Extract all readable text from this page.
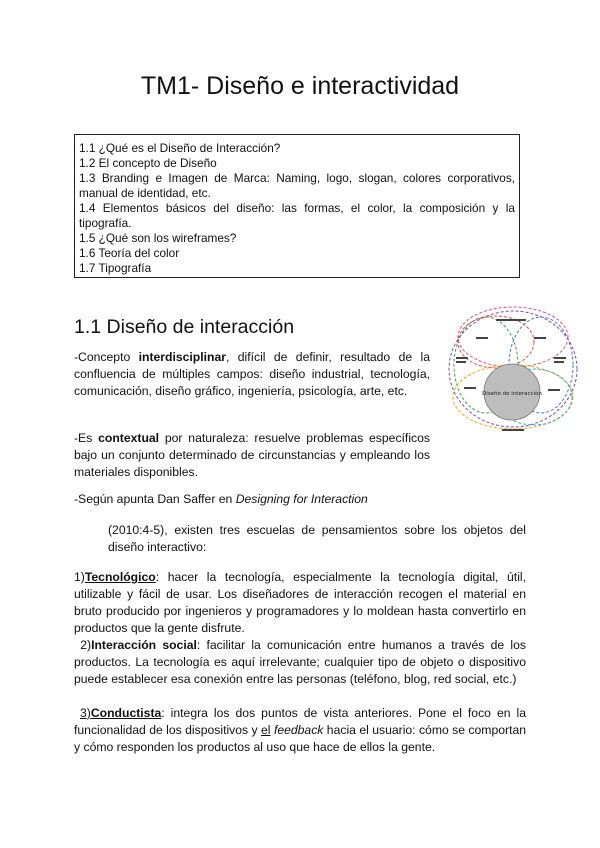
TM1- Diseño e interactividad
1.1 ¿Qué es el Diseño de Interacción?
1.2 El concepto de Diseño
1.3 Branding e Imagen de Marca: Naming, logo, slogan, colores corporativos, manual de identidad, etc.
1.4 Elementos básicos del diseño: las formas, el color, la composición y la tipografía.
1.5 ¿Qué son los wireframes?
1.6 Teoría del color
1.7 Tipografía
1.1 Diseño de interacción
-Concepto interdisciplinar, difícil de definir, resultado de la confluencia de múltiples campos: diseño industrial, tecnología, comunicación, diseño gráfico, ingeniería, psicología, arte, etc.
-Es contextual por naturaleza: resuelve problemas específicos bajo un conjunto determinado de circunstancias y empleando los materiales disponibles.
-Según apunta Dan Saffer en Designing for Interaction
(2010:4-5), existen tres escuelas de pensamientos sobre los objetos del diseño interactivo:
1)Tecnológico: hacer la tecnología, especialmente la tecnología digital, útil, utilizable y fácil de usar. Los diseñadores de interacción recogen el material en bruto producido por ingenieros y programadores y lo moldean hasta convertirlo en productos que la gente disfrute.
2)Interacción social: facilitar la comunicación entre humanos a través de los productos. La tecnología es aquí irrelevante; cualquier tipo de objeto o dispositivo puede establecer esa conexión entre las personas (teléfono, blog, red social, etc.)
3)Conductista: integra los dos puntos de vista anteriores. Pone el foco en la funcionalidad de los dispositivos y el feedback hacia el usuario: cómo se comportan y cómo responden los productos al uso que hace de ellos la gente.
Diseño de interacción
